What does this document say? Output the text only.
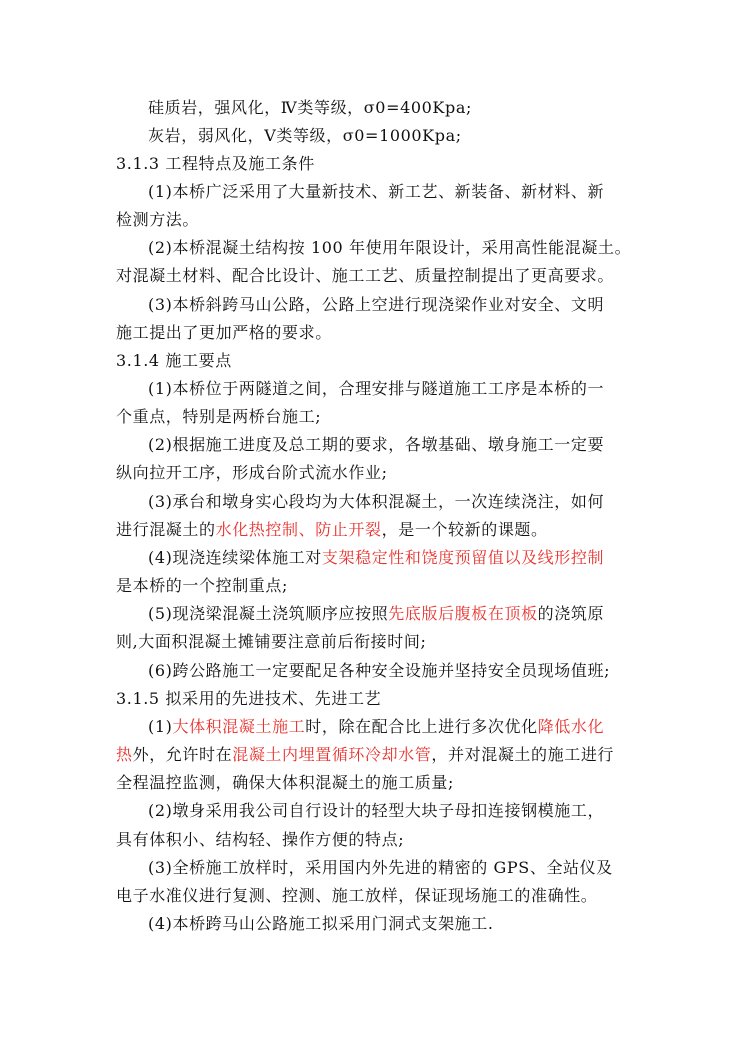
硅质岩，强风化，Ⅳ类等级，σ0=400Kpa;
灰岩，弱风化，Ⅴ类等级，σ0=1000Kpa;
3.1.3 工程特点及施工条件
(1)本桥广泛采用了大量新技术、新工艺、新装备、新材料、新
检测方法。
(2)本桥混凝土结构按 100 年使用年限设计，采用高性能混凝土。
对混凝土材料、配合比设计、施工工艺、质量控制提出了更高要求。
(3)本桥斜跨马山公路，公路上空进行现浇梁作业对安全、文明
施工提出了更加严格的要求。
3.1.4 施工要点
(1)本桥位于两隧道之间，合理安排与隧道施工工序是本桥的一
个重点，特别是两桥台施工;
(2)根据施工进度及总工期的要求，各墩基础、墩身施工一定要
纵向拉开工序，形成台阶式流水作业;
(3)承台和墩身实心段均为大体积混凝土，一次连续浇注，如何
进行混凝土的水化热控制、防止开裂，是一个较新的课题。
(4)现浇连续梁体施工对支架稳定性和饶度预留值以及线形控制
是本桥的一个控制重点;
(5)现浇梁混凝土浇筑顺序应按照先底版后腹板在顶板的浇筑原
则,大面积混凝土摊铺要注意前后衔接时间;
(6)跨公路施工一定要配足各种安全设施并坚持安全员现场值班;
3.1.5 拟采用的先进技术、先进工艺
(1)大体积混凝土施工时，除在配合比上进行多次优化降低水化
热外，允许时在混凝土内埋置循环冷却水管，并对混凝土的施工进行
全程温控监测，确保大体积混凝土的施工质量;
(2)墩身采用我公司自行设计的轻型大块子母扣连接钢模施工，
具有体积小、结构轻、操作方便的特点;
(3)全桥施工放样时，采用国内外先进的精密的 GPS、全站仪及
电子水准仪进行复测、控测、施工放样，保证现场施工的准确性。
(4)本桥跨马山公路施工拟采用门洞式支架施工.
